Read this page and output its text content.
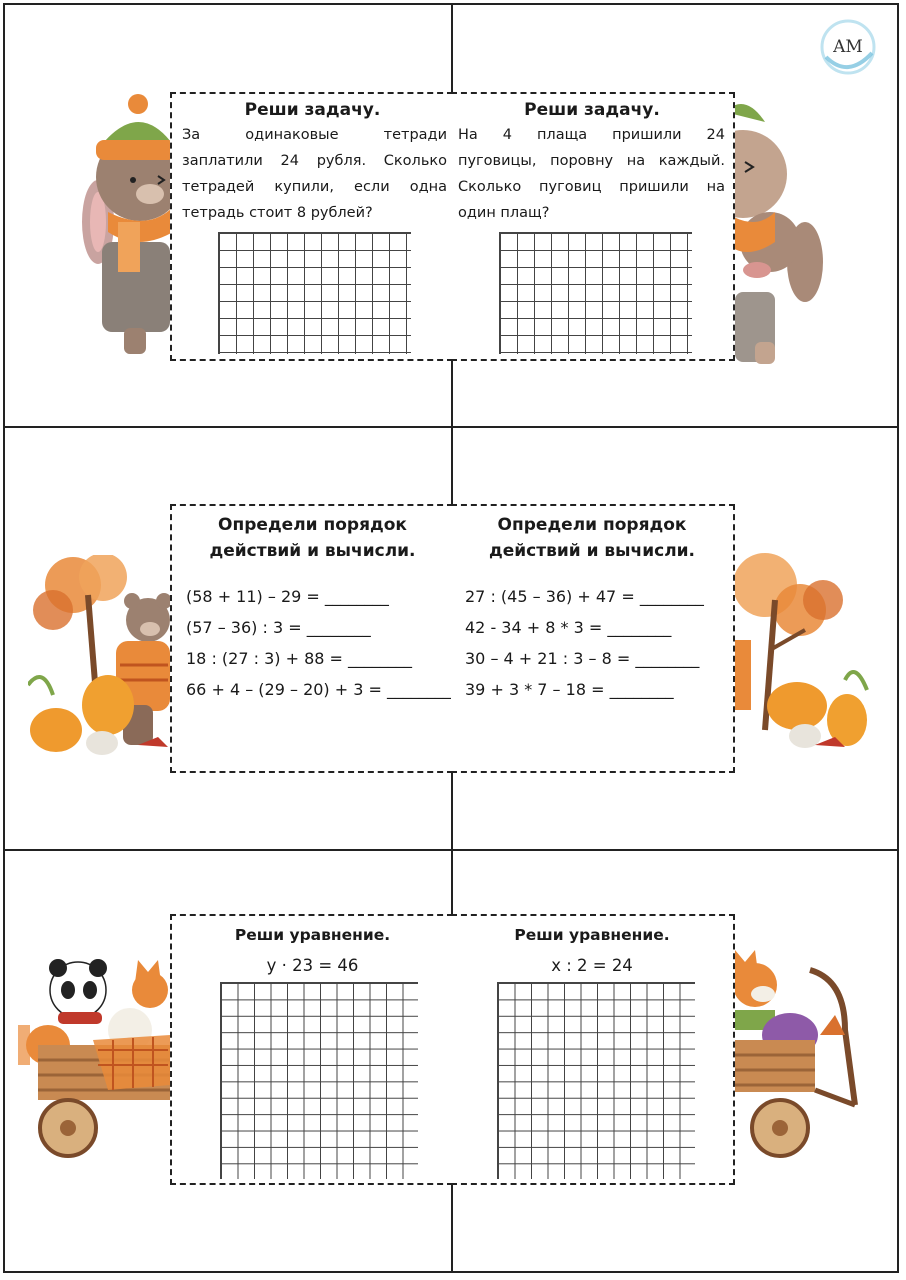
AM
Реши задачу.
За одинаковые тетради заплатили 24 рубля. Сколько тетрадей купили, если одна тетрадь стоит 8 рублей?
Реши задачу.
На 4 плаща пришили 24 пуговицы, поровну на каждый. Сколько пуговиц пришили на один плащ?
Определи порядок
действий и вычисли.
(58 + 11) – 29 = ________
(57 – 36) : 3 = ________
18 : (27 : 3) + 88 = ________
66 + 4 – (29 – 20) + 3 = ________
Определи порядок
действий и вычисли.
27 : (45 – 36) + 47 = ________
42 - 34 + 8 * 3 = ________
30 – 4 + 21 : 3 – 8 = ________
39 + 3 * 7 – 18 = ________
Реши уравнение.
у · 23 = 46
Реши уравнение.
х : 2 = 24
